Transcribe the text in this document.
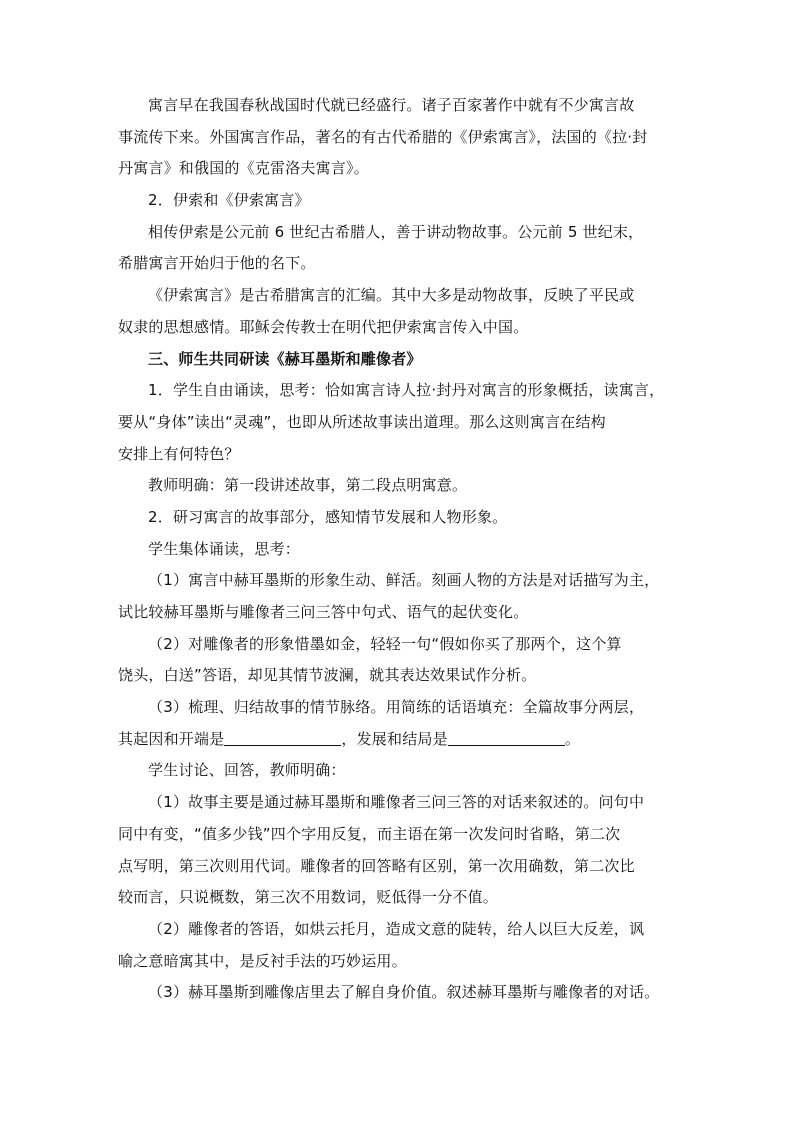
寓言早在我国春秋战国时代就已经盛行。诸子百家著作中就有不少寓言故
事流传下来。外国寓言作品，著名的有古代希腊的《伊索寓言》，法国的《拉·封
丹寓言》和俄国的《克雷洛夫寓言》。
2．伊索和《伊索寓言》
相传伊索是公元前 6 世纪古希腊人，善于讲动物故事。公元前 5 世纪末，
希腊寓言开始归于他的名下。
《伊索寓言》是古希腊寓言的汇编。其中大多是动物故事，反映了平民或
奴隶的思想感情。耶稣会传教士在明代把伊索寓言传入中国。
三、师生共同研读《赫耳墨斯和雕像者》
1．学生自由诵读，思考：恰如寓言诗人拉·封丹对寓言的形象概括，读寓言，
要从“身体”读出“灵魂”，也即从所述故事读出道理。那么这则寓言在结构
安排上有何特色？
教师明确：第一段讲述故事，第二段点明寓意。
2．研习寓言的故事部分，感知情节发展和人物形象。
学生集体诵读，思考：
（1）寓言中赫耳墨斯的形象生动、鲜活。刻画人物的方法是对话描写为主，
试比较赫耳墨斯与雕像者三问三答中句式、语气的起伏变化。
（2）对雕像者的形象惜墨如金，轻轻一句“假如你买了那两个，这个算
饶头，白送”答语，却见其情节波澜，就其表达效果试作分析。
（3）梳理、归结故事的情节脉络。用简练的话语填充：全篇故事分两层，
其起因和开端是	，发展和结局是	。
学生讨论、回答，教师明确：
（1）故事主要是通过赫耳墨斯和雕像者三问三答的对话来叙述的。问句中
同中有变，“值多少钱”四个字用反复，而主语在第一次发问时省略，第二次
点写明，第三次则用代词。雕像者的回答略有区别，第一次用确数，第二次比
较而言，只说概数，第三次不用数词，贬低得一分不值。
（2）雕像者的答语，如烘云托月，造成文意的陡转，给人以巨大反差，讽
喻之意暗寓其中，是反衬手法的巧妙运用。
（3）赫耳墨斯到雕像店里去了解自身价值。叙述赫耳墨斯与雕像者的对话。
